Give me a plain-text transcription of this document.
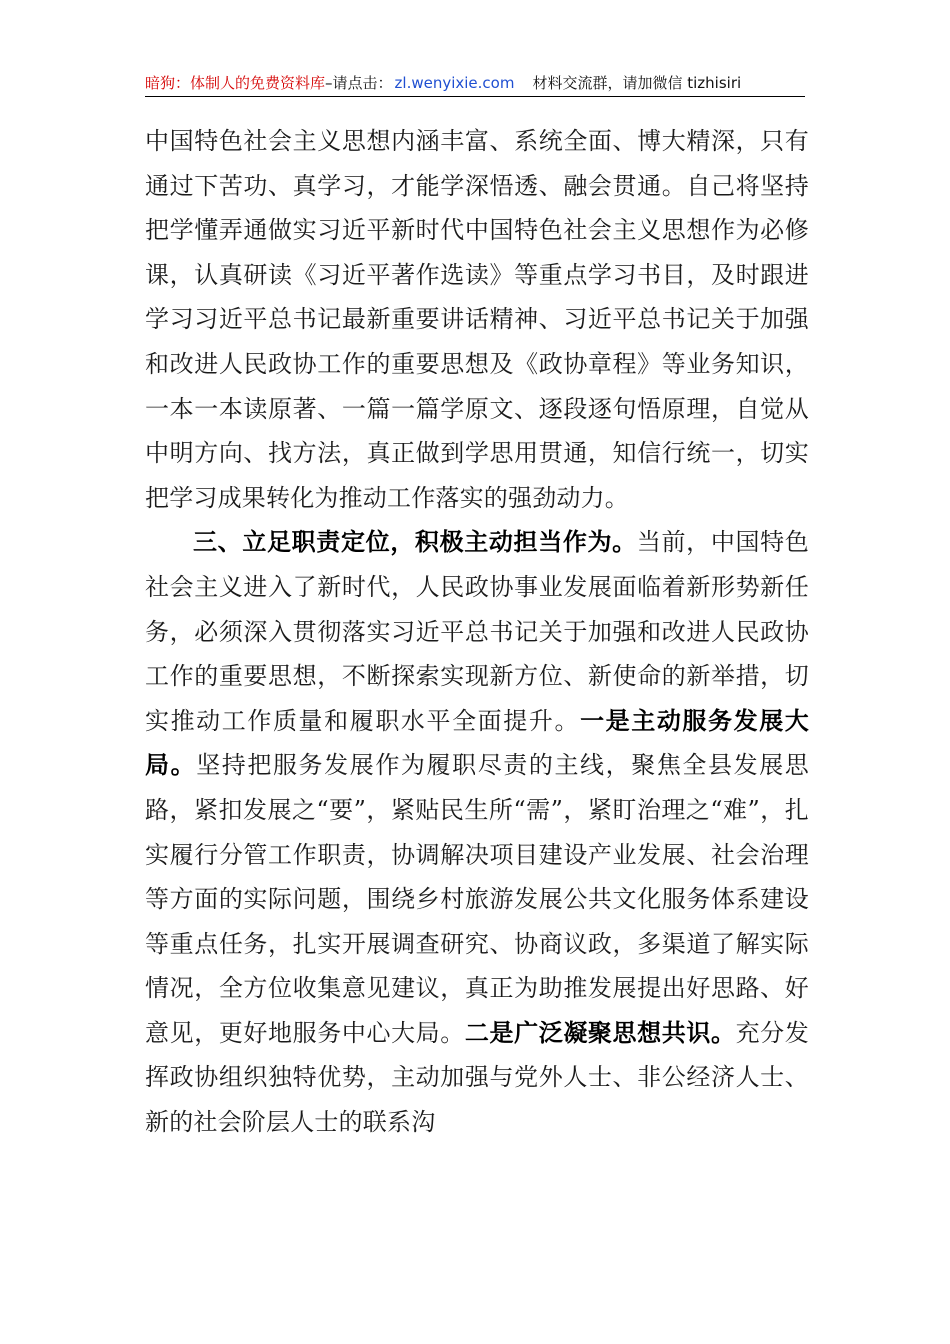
暗狗：体制人的免费资料库 –请点击： zl.wenyixie.com 材料交流群，请加微信 tizhisiri

中国特色社会主义思想内涵丰富、系统全面、博大精深，只有通过下苦功、真学习，才能学深悟透、融会贯通。自己将坚持把学懂弄通做实习近平新时代中国特色社会主义思想作为必修课，认真研读《习近平著作选读》等重点学习书目，及时跟进学习习近平总书记最新重要讲话精神、习近平总书记关于加强和改进人民政协工作的重要思想及《政协章程》等业务知识，一本一本读原著、一篇一篇学原文、逐段逐句悟原理，自觉从中明方向、找方法，真正做到学思用贯通，知信行统一，切实把学习成果转化为推动工作落实的强劲动力。

三、立足职责定位，积极主动担当作为。当前，中国特色社会主义进入了新时代，人民政协事业发展面临着新形势新任务，必须深入贯彻落实习近平总书记关于加强和改进人民政协工作的重要思想，不断探索实现新方位、新使命的新举措，切实推动工作质量和履职水平全面提升。一是主动服务发展大局。坚持把服务发展作为履职尽责的主线，聚焦全县发展思路，紧扣发展之“要”，紧贴民生所“需”，紧盯治理之“难”，扎实履行分管工作职责，协调解决项目建设产业发展、社会治理等方面的实际问题，围绕乡村旅游发展公共文化服务体系建设等重点任务，扎实开展调查研究、协商议政，多渠道了解实际情况，全方位收集意见建议，真正为助推发展提出好思路、好意见，更好地服务中心大局。二是广泛凝聚思想共识。充分发挥政协组织独特优势，主动加强与党外人士、非公经济人士、新的社会阶层人士的联系沟
